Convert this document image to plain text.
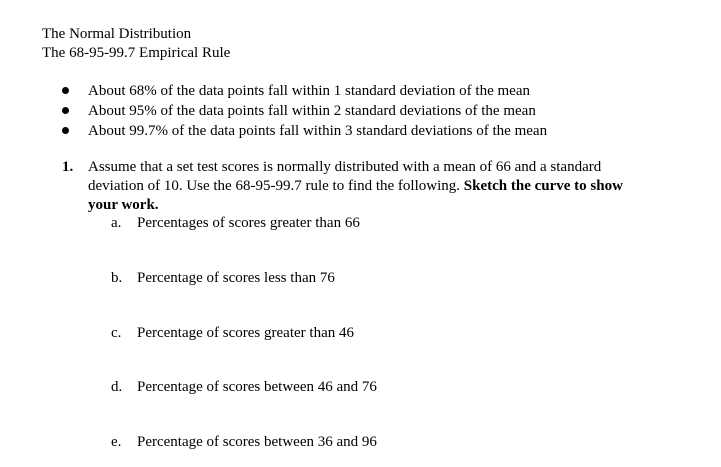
The Normal Distribution
The 68-95-99.7 Empirical Rule
About 68% of the data points fall within 1 standard deviation of the mean
About 95% of the data points fall within 2 standard deviations of the mean
About 99.7% of the data points fall within 3 standard deviations of the mean
1. Assume that a set test scores is normally distributed with a mean of 66 and a standard
deviation of 10. Use the 68-95-99.7 rule to find the following. Sketch the curve to show
your work.
a. Percentages of scores greater than 66
b. Percentage of scores less than 76
c. Percentage of scores greater than 46
d. Percentage of scores between 46 and 76
e. Percentage of scores between 36 and 96
